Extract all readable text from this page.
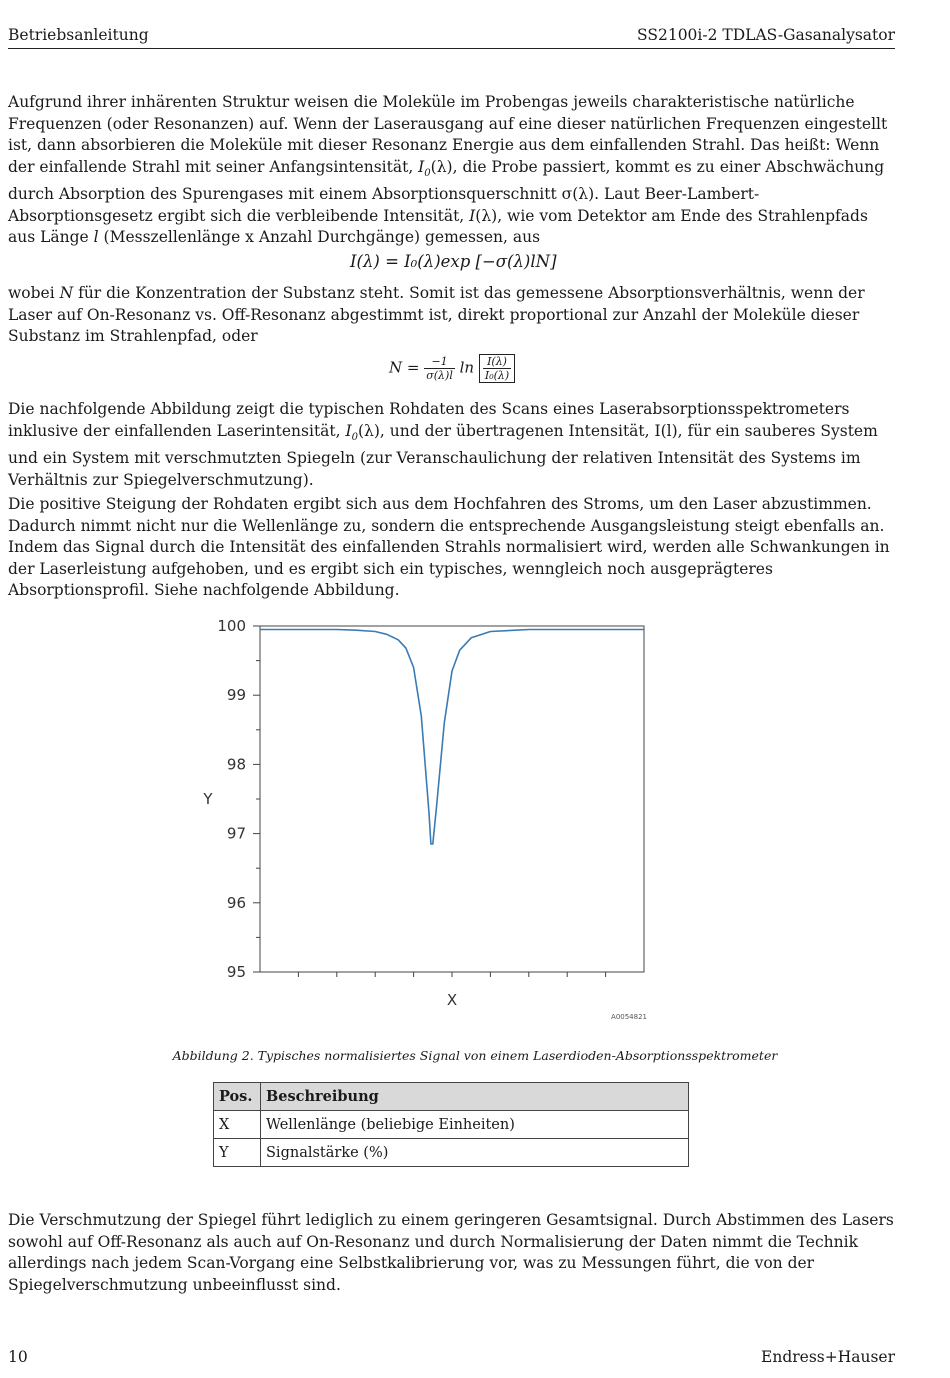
Betriebsanleitung	SS2100i-2 TDLAS-Gasanalysator

Aufgrund ihrer inhärenten Struktur weisen die Moleküle im Probengas jeweils charakteristische natürliche Frequenzen (oder Resonanzen) auf. Wenn der Laserausgang auf eine dieser natürlichen Frequenzen eingestellt ist, dann absorbieren die Moleküle mit dieser Resonanz Energie aus dem einfallenden Strahl. Das heißt: Wenn der einfallende Strahl mit seiner Anfangsintensität, $I_0(\lambda)$, die Probe passiert, kommt es zu einer Abschwächung durch Absorption des Spurengases mit einem Absorptionsquerschnitt σ(λ). Laut Beer-Lambert-Absorptionsgesetz ergibt sich die verbleibende Intensität, I(λ), wie vom Detektor am Ende des Strahlenpfads aus Länge l (Messzellenlänge x Anzahl Durchgänge) gemessen, aus

I(λ) = I₀(λ)exp [−σ(λ)lN]

wobei N für die Konzentration der Substanz steht. Somit ist das gemessene Absorptionsverhältnis, wenn der Laser auf On-Resonanz vs. Off-Resonanz abgestimmt ist, direkt proportional zur Anzahl der Moleküle dieser Substanz im Strahlenpfad, oder

$N = \frac{-1}{\sigma(\lambda)l}$ $\ln \frac{I(\lambda)}{\text{I₀(λ)}}$

Die nachfolgende Abbildung zeigt die typischen Rohdaten des Scans eines Laserabsorptionsspektrometers inklusive der einfallenden Laserintensität, $I_0(\lambda)$, und der übertragenen Intensität, I(l), für ein sauberes System und ein System mit verschmutzten Spiegeln (zur Veranschaulichung der relativen Intensität des Systems im Verhältnis zur Spiegelverschmutzung).

Die positive Steigung der Rohdaten ergibt sich aus dem Hochfahren des Stroms, um den Laser abzustimmen. Dadurch nimmt nicht nur die Wellenlänge zu, sondern die entsprechende Ausgangsleistung steigt ebenfalls an. Indem das Signal durch die Intensität des einfallenden Strahls normalisiert wird, werden alle Schwankungen in der Laserleistung aufgehoben, und es ergibt sich ein typisches, wenngleich noch ausgeprägteres Absorptionsprofil. Siehe nachfolgende Abbildung.

95
96
97
98
99
100
X
Y
A0054821
Abbildung 2. Typisches normalisiertes Signal von einem Laserdioden-Absorptionsspektrometer
Pos.	Beschreibung
X	Wellenlänge (beliebige Einheiten)
Y	Signalstärke (%)

Die Verschmutzung der Spiegel führt lediglich zu einem geringeren Gesamtsignal. Durch Abstimmen des Lasers sowohl auf Off-Resonanz als auch auf On-Resonanz und durch Normalisierung der Daten nimmt die Technik allerdings nach jedem Scan-Vorgang eine Selbstkalibrierung vor, was zu Messungen führt, die von der Spiegelverschmutzung unbeeinflusst sind.

10	Endress+Hauser
